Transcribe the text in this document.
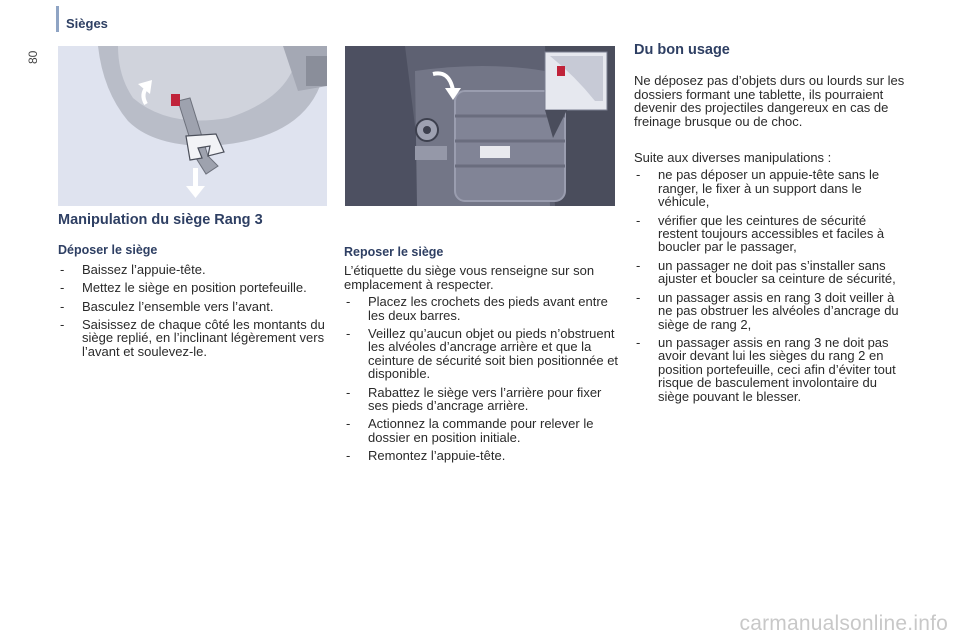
Sièges
80
Manipulation du siège Rang 3
Déposer le siège
- Baissez l’appuie-tête.
- Mettez le siège en position portefeuille.
- Basculez l’ensemble vers l’avant.
- Saisissez de chaque côté les montants du siège replié, en l’inclinant légèrement vers l’avant et soulevez-le.
Reposer le siège
L’étiquette du siège vous renseigne sur son emplacement à respecter.
- Placez les crochets des pieds avant entre les deux barres.
- Veillez qu’aucun objet ou pieds n’obstruent les alvéoles d’ancrage arrière et que la ceinture de sécurité soit bien positionnée et disponible.
- Rabattez le siège vers l’arrière pour fixer ses pieds d’ancrage arrière.
- Actionnez la commande pour relever le dossier en position initiale.
- Remontez l’appuie-tête.
Du bon usage
Ne déposez pas d’objets durs ou lourds sur les dossiers formant une tablette, ils pourraient devenir des projectiles dangereux en cas de freinage brusque ou de choc.
Suite aux diverses manipulations :
- ne pas déposer un appuie-tête sans le ranger, le fixer à un support dans le véhicule,
- vérifier que les ceintures de sécurité restent toujours accessibles et faciles à boucler par le passager,
- un passager ne doit pas s’installer sans ajuster et boucler sa ceinture de sécurité,
- un passager assis en rang 3 doit veiller à ne pas obstruer les alvéoles d’ancrage du siège de rang 2,
- un passager assis en rang 3 ne doit pas avoir devant lui les sièges du rang 2 en position portefeuille, ceci afin d’éviter tout risque de basculement involontaire du siège pouvant le blesser.
carmanualsonline.info
